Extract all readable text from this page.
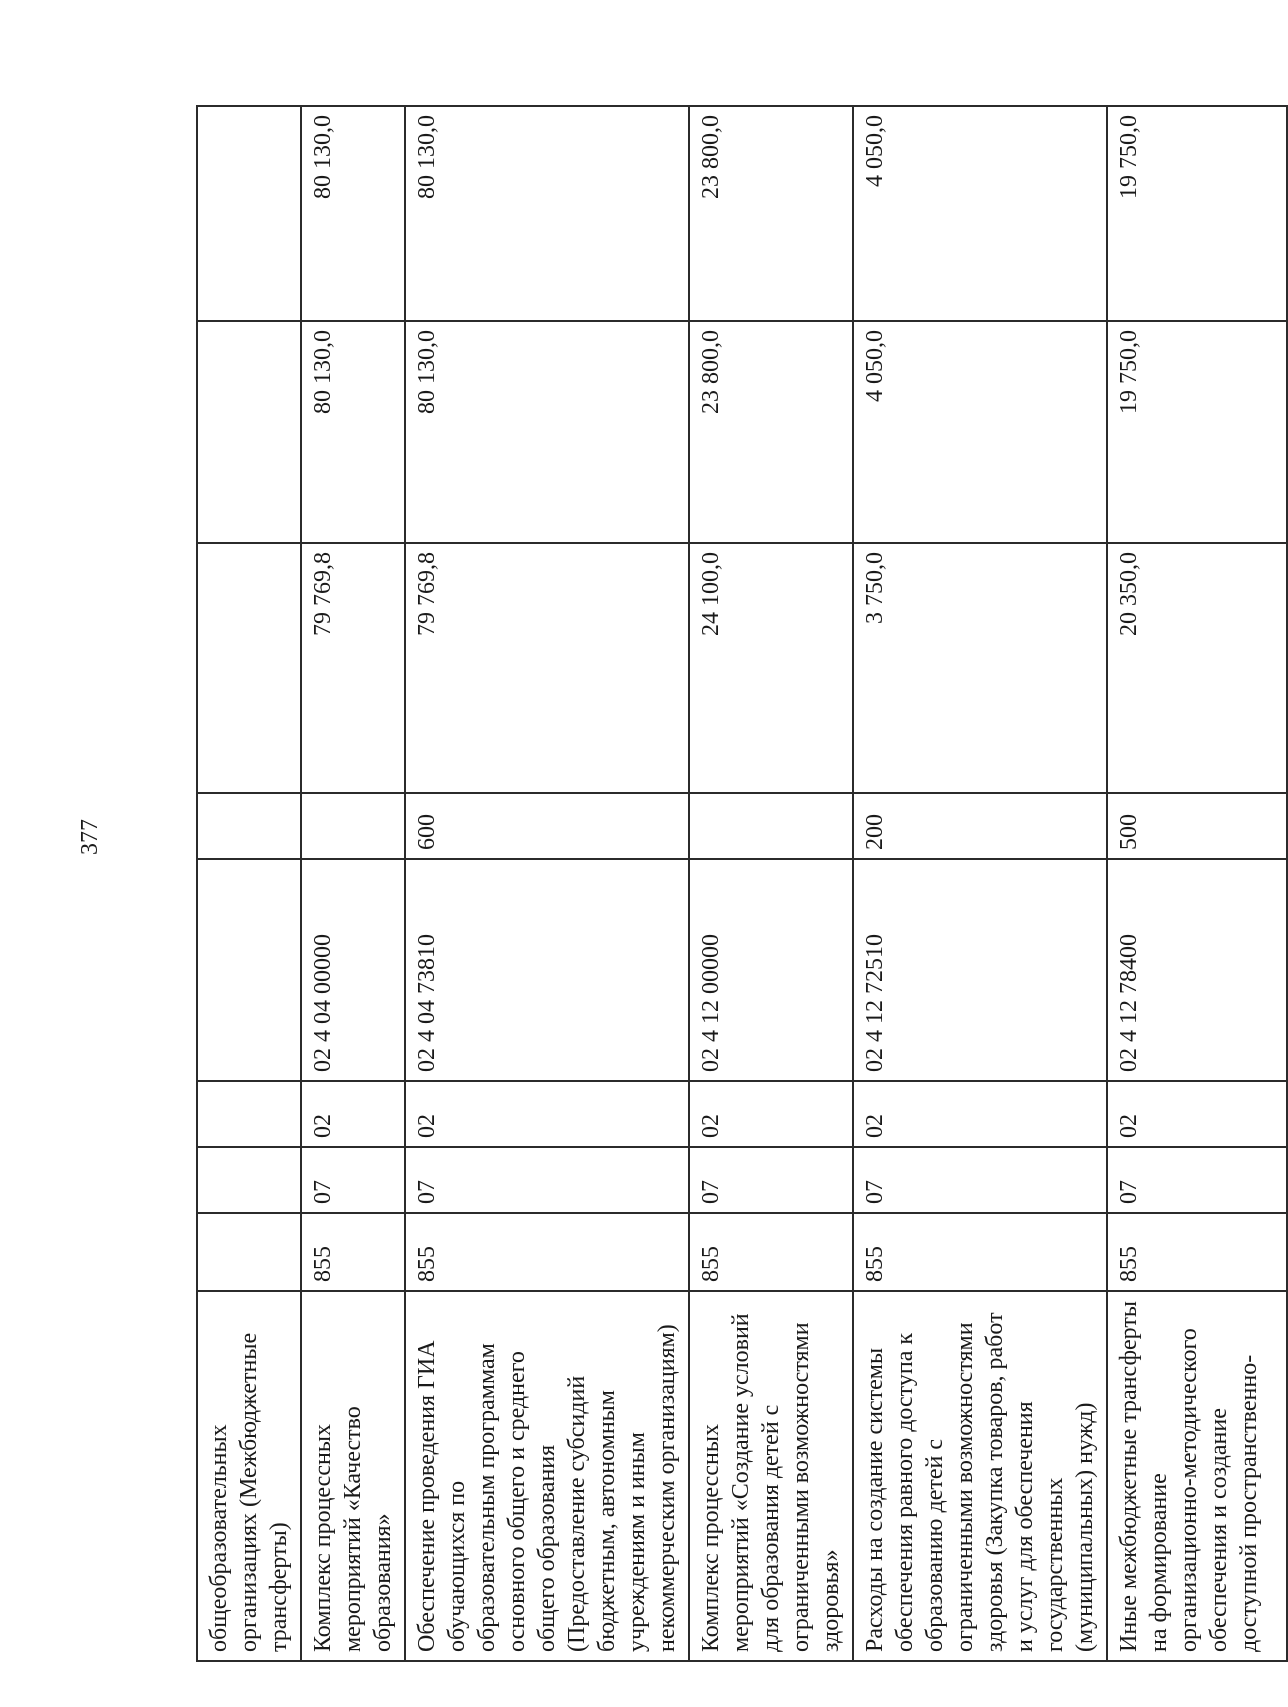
377
общеобразовательных организациях (Межбюджетные трансферты)								
Комплекс процессных мероприятий «Качество образования»	855	07	02	02 4 04 00000		79 769,8	80 130,0	80 130,0
Обеспечение проведения ГИА обучающихся по образовательным программам основного общего и среднего общего образования (Предоставление субсидий бюджетным, автономным учреждениям и иным некоммерческим организациям)	855	07	02	02 4 04 73810	600	79 769,8	80 130,0	80 130,0
Комплекс процессных мероприятий «Создание условий для образования детей с ограниченными возможностями здоровья»	855	07	02	02 4 12 00000		24 100,0	23 800,0	23 800,0
Расходы на создание системы обеспечения равного доступа к образованию детей с ограниченными возможностями здоровья (Закупка товаров, работ и услуг для обеспечения государственных (муниципальных) нужд)	855	07	02	02 4 12 72510	200	3 750,0	4 050,0	4 050,0
Иные межбюджетные трансферты на формирование организационно-методического обеспечения и создание доступной пространственно-	855	07	02	02 4 12 78400	500	20 350,0	19 750,0	19 750,0
